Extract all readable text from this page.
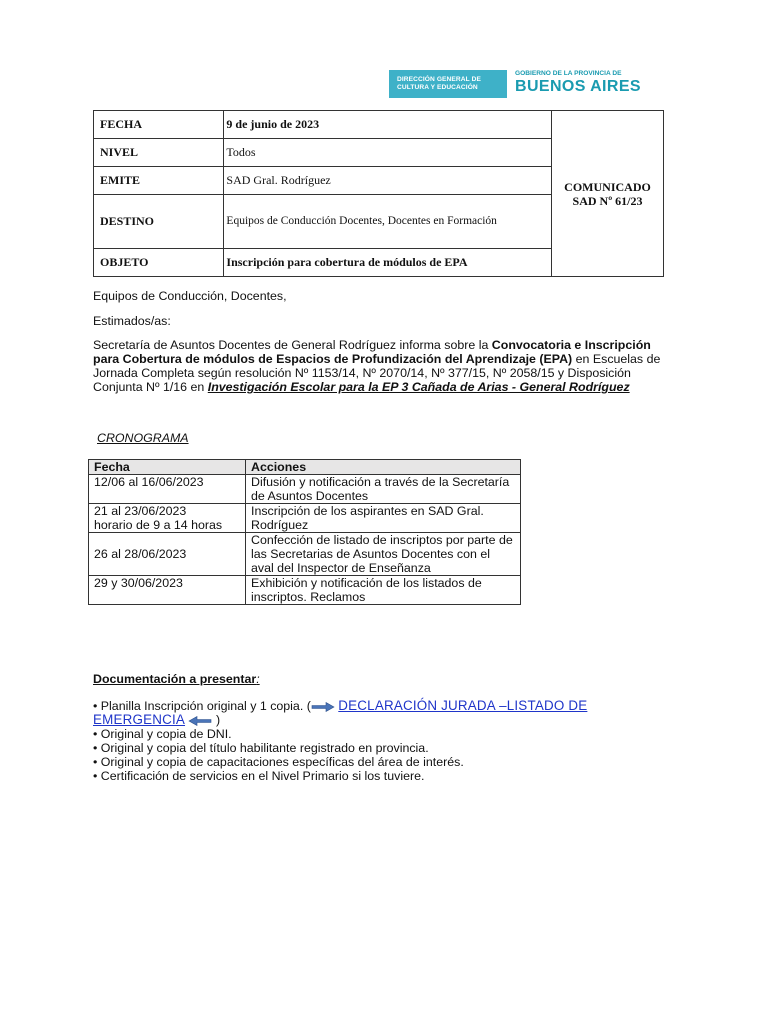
DIRECCIÓN GENERAL DE
CULTURA Y EDUCACIÓN
GOBIERNO DE LA PROVINCIA DE
BUENOS AIRES
FECHA	9 de junio de 2023	COMUNICADO
SAD Nº 61/23

NIVEL	Todos	
EMITE	SAD Gral. Rodríguez	
DESTINO	Equipos de Conducción Docentes, Docentes en Formación	
OBJETO	Inscripción para cobertura de módulos de EPA	
Equipos de Conducción, Docentes,
Estimados/as:
Secretaría de Asuntos Docentes de General Rodríguez informa sobre la Convocatoria e Inscripción para Cobertura de módulos de Espacios de Profundización del Aprendizaje (EPA) en Escuelas de Jornada Completa según resolución Nº 1153/14, Nº 2070/14, Nº 377/15, Nº 2058/15 y Disposición Conjunta Nº 1/16 en Investigación Escolar para la EP 3 Cañada de Arias - General Rodríguez
CRONOGRAMA
Fecha	Acciones
12/06 al 16/06/2023	Difusión y notificación a través de la Secretaría de Asuntos Docentes
21 al 23/06/2023
horario de 9 a 14 horas	Inscripción de los aspirantes en SAD Gral. Rodríguez
26 al 28/06/2023	Confección de listado de inscriptos por parte de las Secretarias de Asuntos Docentes con el aval del Inspector de Enseñanza
29 y 30/06/2023	Exhibición y notificación de los listados de
inscriptos. Reclamos
Documentación a presentar:
• Planilla Inscripción original y 1 copia. ( DECLARACIÓN JURADA –LISTADO DE EMERGENCIA )
• Original y copia de DNI.
• Original y copia del título habilitante registrado en provincia.
• Original y copia de capacitaciones específicas del área de interés.
• Certificación de servicios en el Nivel Primario si los tuviere.
